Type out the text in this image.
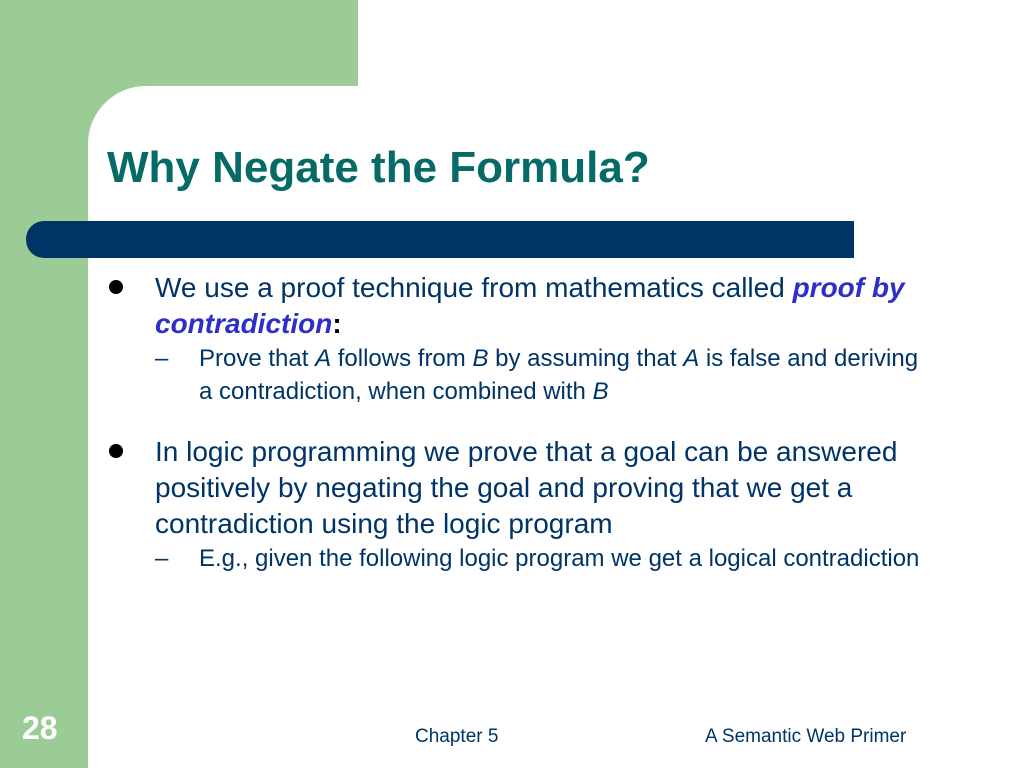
Why Negate the Formula?
We use a proof technique from mathematics called proof by contradiction:
– Prove that A follows from B by assuming that A is false and deriving a contradiction, when combined with B
In logic programming we prove that a goal can be answered positively by negating the goal and proving that we get a contradiction using the logic program
– E.g., given the following logic program we get a logical contradiction
28	Chapter 5	A Semantic Web Primer
